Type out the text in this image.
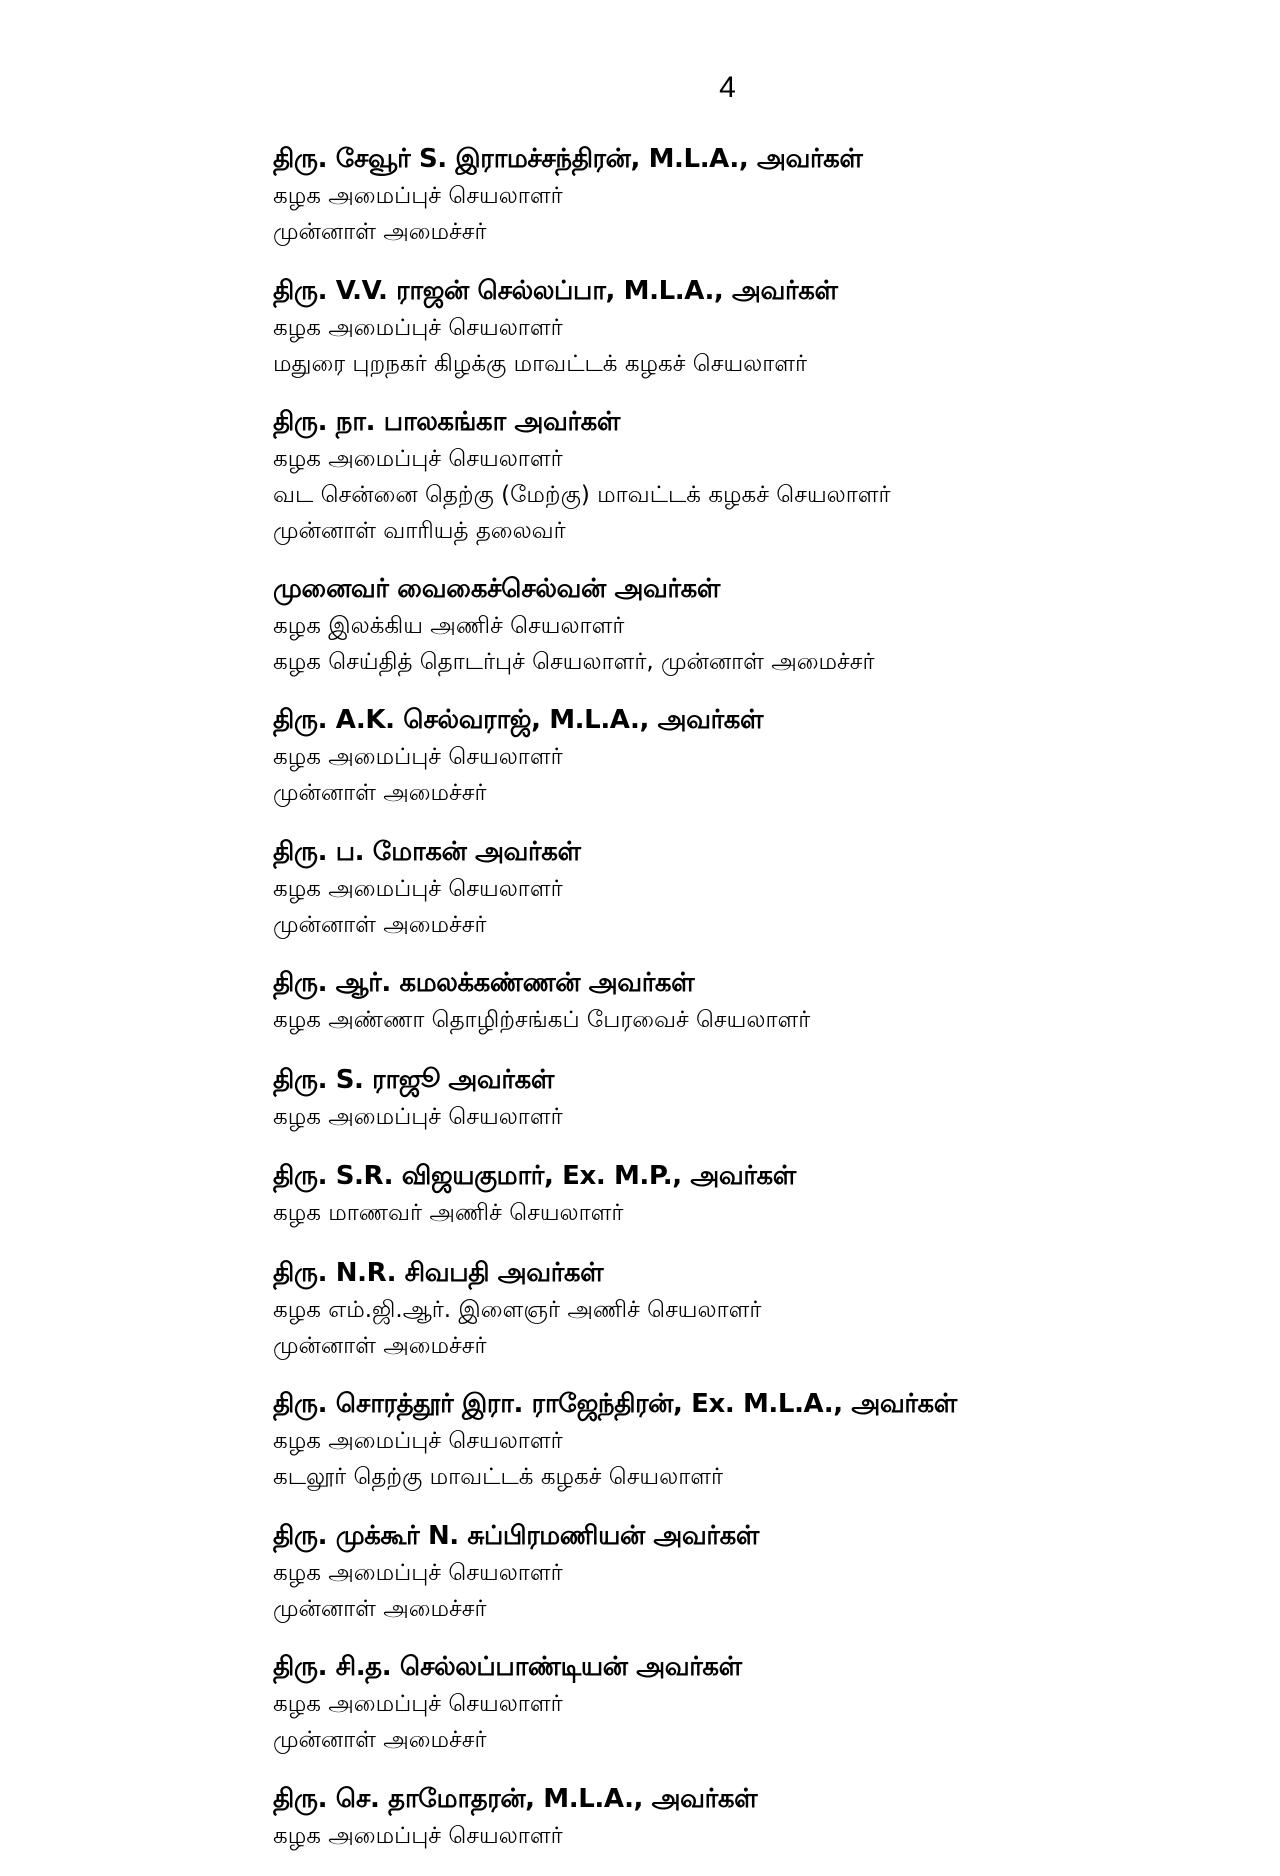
4
திரு. சேவூர் S. இராமச்சந்திரன், M.L.A., அவர்கள்
கழக அமைப்புச் செயலாளர்
முன்னாள் அமைச்சர்
திரு. V.V. ராஜன் செல்லப்பா, M.L.A., அவர்கள்
கழக அமைப்புச் செயலாளர்
மதுரை புறநகர் கிழக்கு மாவட்டக் கழகச் செயலாளர்
திரு. நா. பாலகங்கா அவர்கள்
கழக அமைப்புச் செயலாளர்
வட சென்னை தெற்கு (மேற்கு) மாவட்டக் கழகச் செயலாளர்
முன்னாள் வாரியத் தலைவர்
முனைவர் வைகைச்செல்வன் அவர்கள்
கழக இலக்கிய அணிச் செயலாளர்
கழக செய்தித் தொடர்புச் செயலாளர், முன்னாள் அமைச்சர்
திரு. A.K. செல்வராஜ், M.L.A., அவர்கள்
கழக அமைப்புச் செயலாளர்
முன்னாள் அமைச்சர்
திரு. ப. மோகன் அவர்கள்
கழக அமைப்புச் செயலாளர்
முன்னாள் அமைச்சர்
திரு. ஆர். கமலக்கண்ணன் அவர்கள்
கழக அண்ணா தொழிற்சங்கப் பேரவைச் செயலாளர்
திரு. S. ராஜூ அவர்கள்
கழக அமைப்புச் செயலாளர்
திரு. S.R. விஜயகுமார், Ex. M.P., அவர்கள்
கழக மாணவர் அணிச் செயலாளர்
திரு. N.R. சிவபதி அவர்கள்
கழக எம்.ஜி.ஆர். இளைஞர் அணிச் செயலாளர்
முன்னாள் அமைச்சர்
திரு. சொரத்தூர் இரா. ராஜேந்திரன், Ex. M.L.A., அவர்கள்
கழக அமைப்புச் செயலாளர்
கடலூர் தெற்கு மாவட்டக் கழகச் செயலாளர்
திரு. முக்கூர் N. சுப்பிரமணியன் அவர்கள்
கழக அமைப்புச் செயலாளர்
முன்னாள் அமைச்சர்
திரு. சி.த. செல்லப்பாண்டியன் அவர்கள்
கழக அமைப்புச் செயலாளர்
முன்னாள் அமைச்சர்
திரு. செ. தாமோதரன், M.L.A., அவர்கள்
கழக அமைப்புச் செயலாளர்
